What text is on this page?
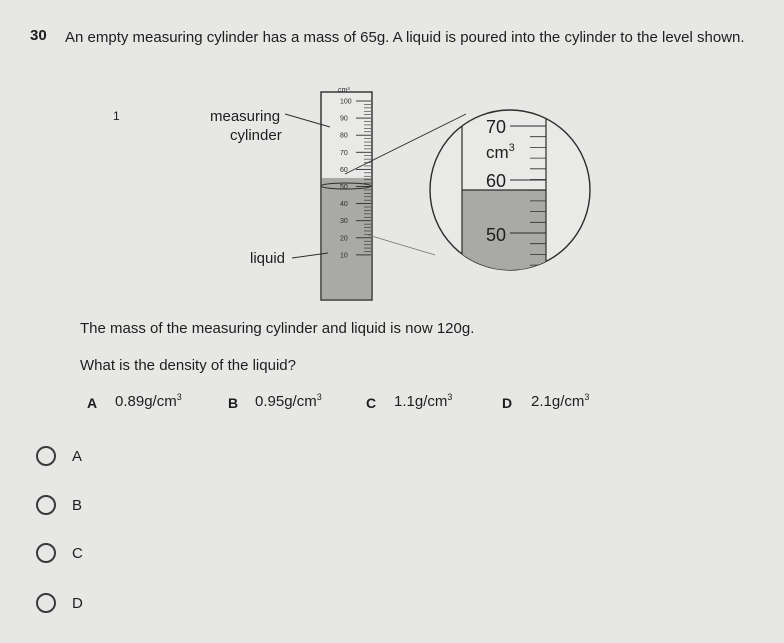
30 An empty measuring cylinder has a mass of 65g. A liquid is poured into the cylinder to the level shown.
1
100
90
80
70
60
50
40
30
20
10
cm³
70
$cm^3$
60
50
measuring
cylinder
liquid
The mass of the measuring cylinder and liquid is now 120g.
What is the density of the liquid?
A $0.89g/cm^3$	B $0.95g/cm^3$	C $1.1g/cm^3$	D $2.1g/cm^3$
A
B
C
D
